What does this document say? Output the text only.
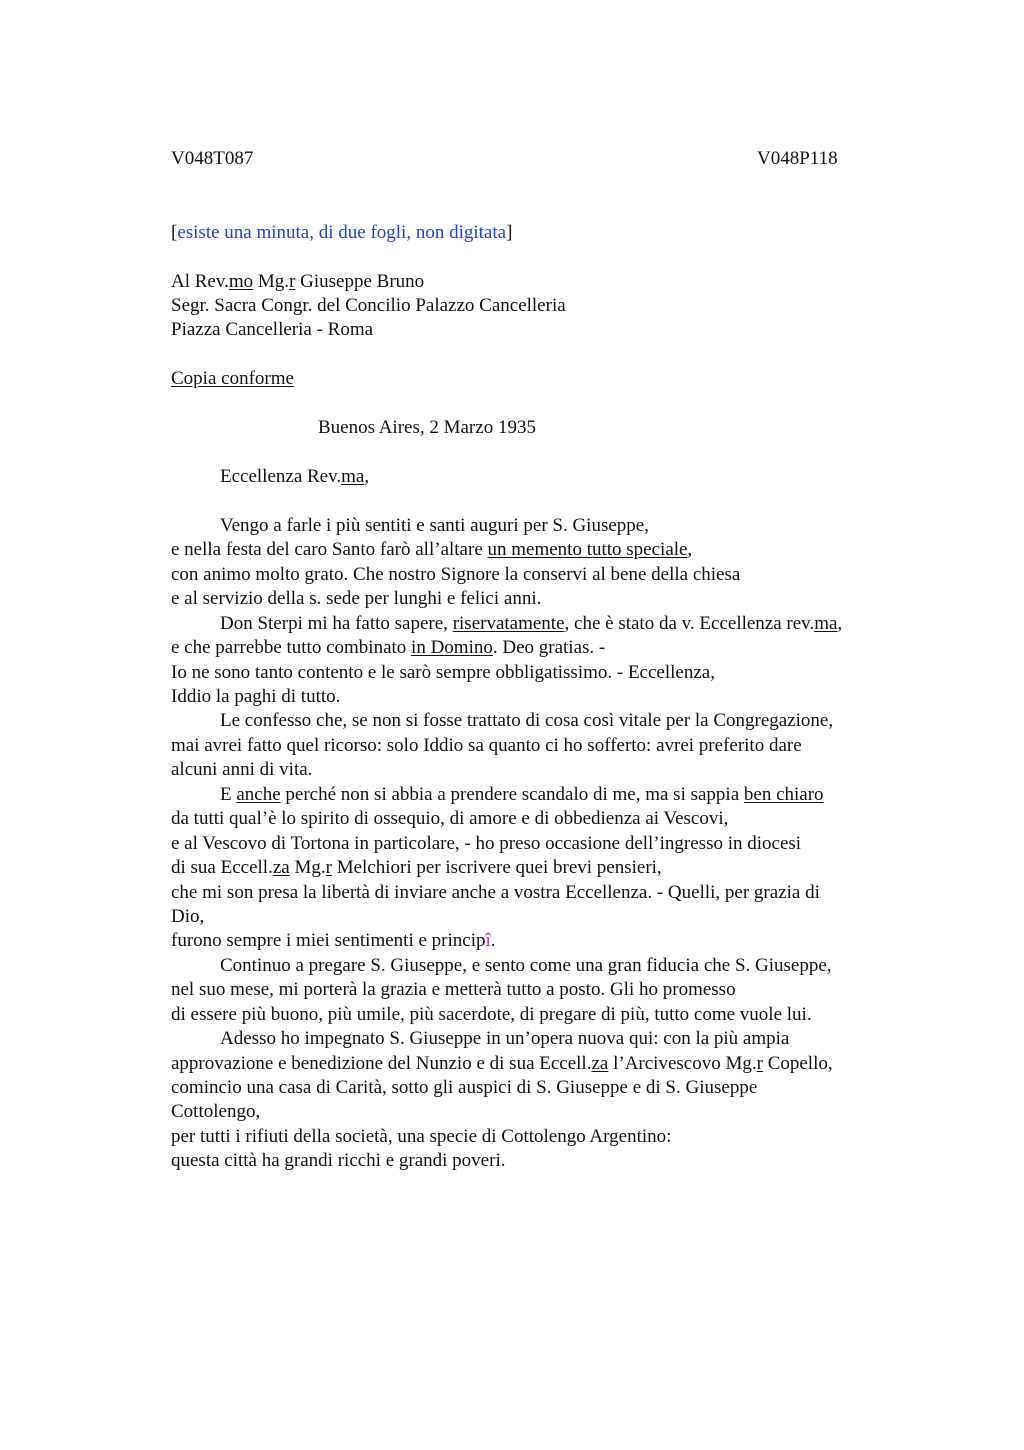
V048T087	V048P118
[esiste una minuta, di due fogli, non digitata]
Al Rev.mo Mg.r Giuseppe Bruno
Segr. Sacra Congr. del Concilio Palazzo Cancelleria
Piazza Cancelleria - Roma
Copia conforme
Buenos Aires, 2 Marzo 1935
Eccellenza Rev.ma,
Vengo a farle i più sentiti e santi auguri per S. Giuseppe,
e nella festa del caro Santo farò all’altare un memento tutto speciale,
con animo molto grato. Che nostro Signore la conservi al bene della chiesa
e al servizio della s. sede per lunghi e felici anni.
Don Sterpi mi ha fatto sapere, riservatamente, che è stato da v. Eccellenza rev.ma,
e che parrebbe tutto combinato in Domino. Deo gratias. -
Io ne sono tanto contento e le sarò sempre obbligatissimo. - Eccellenza,
Iddio la paghi di tutto.
Le confesso che, se non si fosse trattato di cosa così vitale per la Congregazione,
mai avrei fatto quel ricorso: solo Iddio sa quanto ci ho sofferto: avrei preferito dare
alcuni anni di vita.
E anche perché non si abbia a prendere scandalo di me, ma si sappia ben chiaro
da tutti qual’è lo spirito di ossequio, di amore e di obbedienza ai Vescovi,
e al Vescovo di Tortona in particolare, - ho preso occasione dell’ingresso in diocesi
di sua Eccell.za Mg.r Melchiori per iscrivere quei brevi pensieri,
che mi son presa la libertà di inviare anche a vostra Eccellenza. - Quelli, per grazia di
Dio,
furono sempre i miei sentimenti e principî.
Continuo a pregare S. Giuseppe, e sento come una gran fiducia che S. Giuseppe,
nel suo mese, mi porterà la grazia e metterà tutto a posto. Gli ho promesso
di essere più buono, più umile, più sacerdote, di pregare di più, tutto come vuole lui.
Adesso ho impegnato S. Giuseppe in un’opera nuova qui: con la più ampia
approvazione e benedizione del Nunzio e di sua Eccell.za l’Arcivescovo Mg.r Copello,
comincio una casa di Carità, sotto gli auspici di S. Giuseppe e di S. Giuseppe
Cottolengo,
per tutti i rifiuti della società, una specie di Cottolengo Argentino:
questa città ha grandi ricchi e grandi poveri.
